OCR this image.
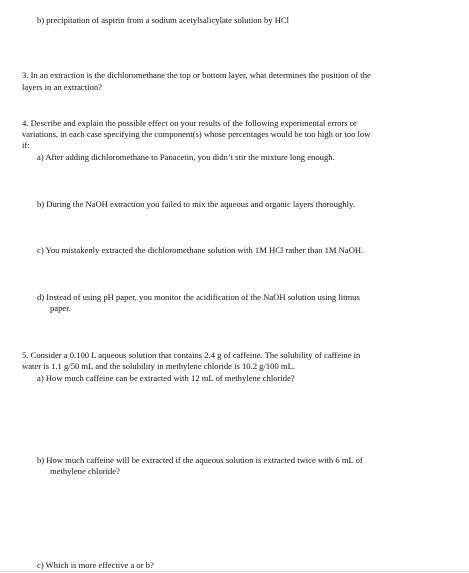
b) precipitation of aspirin from a sodium acetylsalicylate solution by HCl
3. In an extraction is the dichloromethane the top or bottom layer, what determines the position of the
layers in an extraction?
4. Describe and explain the possible effect on your results of the following experimental errors or
variations, in each case specifying the component(s) whose percentages would be too high or too low
if:
a) After adding dichloromethane to Panacetin, you didn’t stir the mixture long enough.
b) During the NaOH extraction you failed to mix the aqueous and organic layers thoroughly.
c) You mistakenly extracted the dichloromethane solution with 1M HCl rather than 1M NaOH.
d) Instead of using pH paper, you monitor the acidification of the NaOH solution using litmus
paper.
5. Consider a 0.100 L aqueous solution that contains 2.4 g of caffeine. The solubility of caffeine in
water is 1.1 g/50 mL and the solubility in methylene chloride is 10.2 g/100 mL.
a) How much caffeine can be extracted with 12 mL of methylene chloride?
b) How much caffeine will be extracted if the aqueous solution is extracted twice with 6 mL of
methylene chloride?
c) Which is more effective a or b?
